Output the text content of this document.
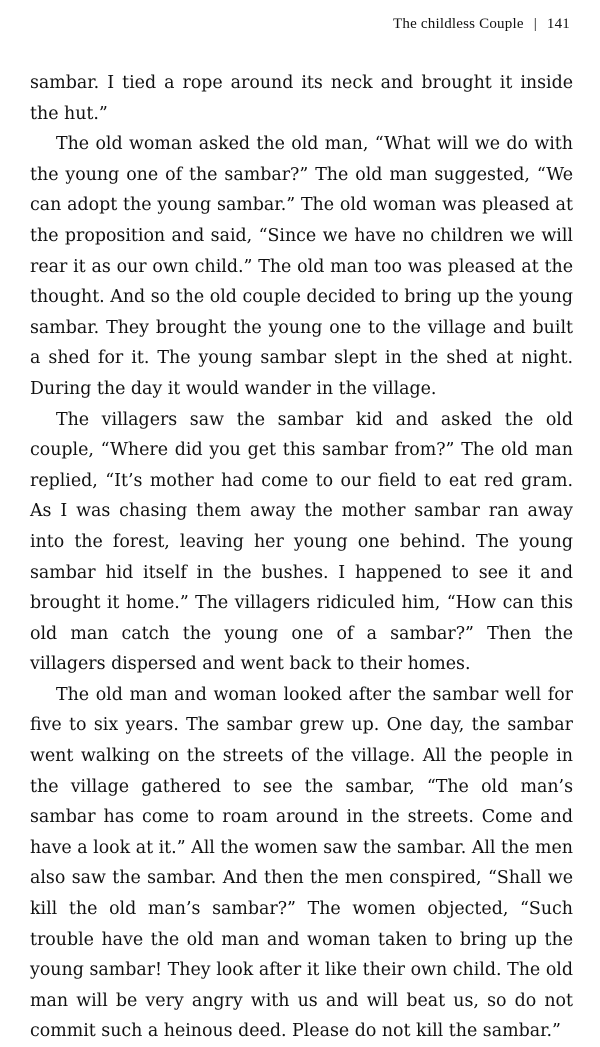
The childless Couple | 141

sambar. I tied a rope around its neck and brought it inside the hut.”

The old woman asked the old man, “What will we do with the young one of the sambar?” The old man suggested, “We can adopt the young sambar.” The old woman was pleased at the proposition and said, “Since we have no children we will rear it as our own child.” The old man too was pleased at the thought. And so the old couple decided to bring up the young sambar. They brought the young one to the village and built a shed for it. The young sambar slept in the shed at night. During the day it would wander in the village.

The villagers saw the sambar kid and asked the old couple, “Where did you get this sambar from?” The old man replied, “It’s mother had come to our field to eat red gram. As I was chasing them away the mother sambar ran away into the forest, leaving her young one behind. The young sambar hid itself in the bushes. I happened to see it and brought it home.” The villagers ridiculed him, “How can this old man catch the young one of a sambar?” Then the villagers dispersed and went back to their homes.

The old man and woman looked after the sambar well for five to six years. The sambar grew up. One day, the sambar went walking on the streets of the village. All the people in the village gathered to see the sambar, “The old man’s sambar has come to roam around in the streets. Come and have a look at it.” All the women saw the sambar. All the men also saw the sambar. And then the men conspired, “Shall we kill the old man’s sambar?” The women objected, “Such trouble have the old man and woman taken to bring up the young sambar! They look after it like their own child. The old man will be very angry with us and will beat us, so do not commit such a heinous deed. Please do not kill the sambar.”
